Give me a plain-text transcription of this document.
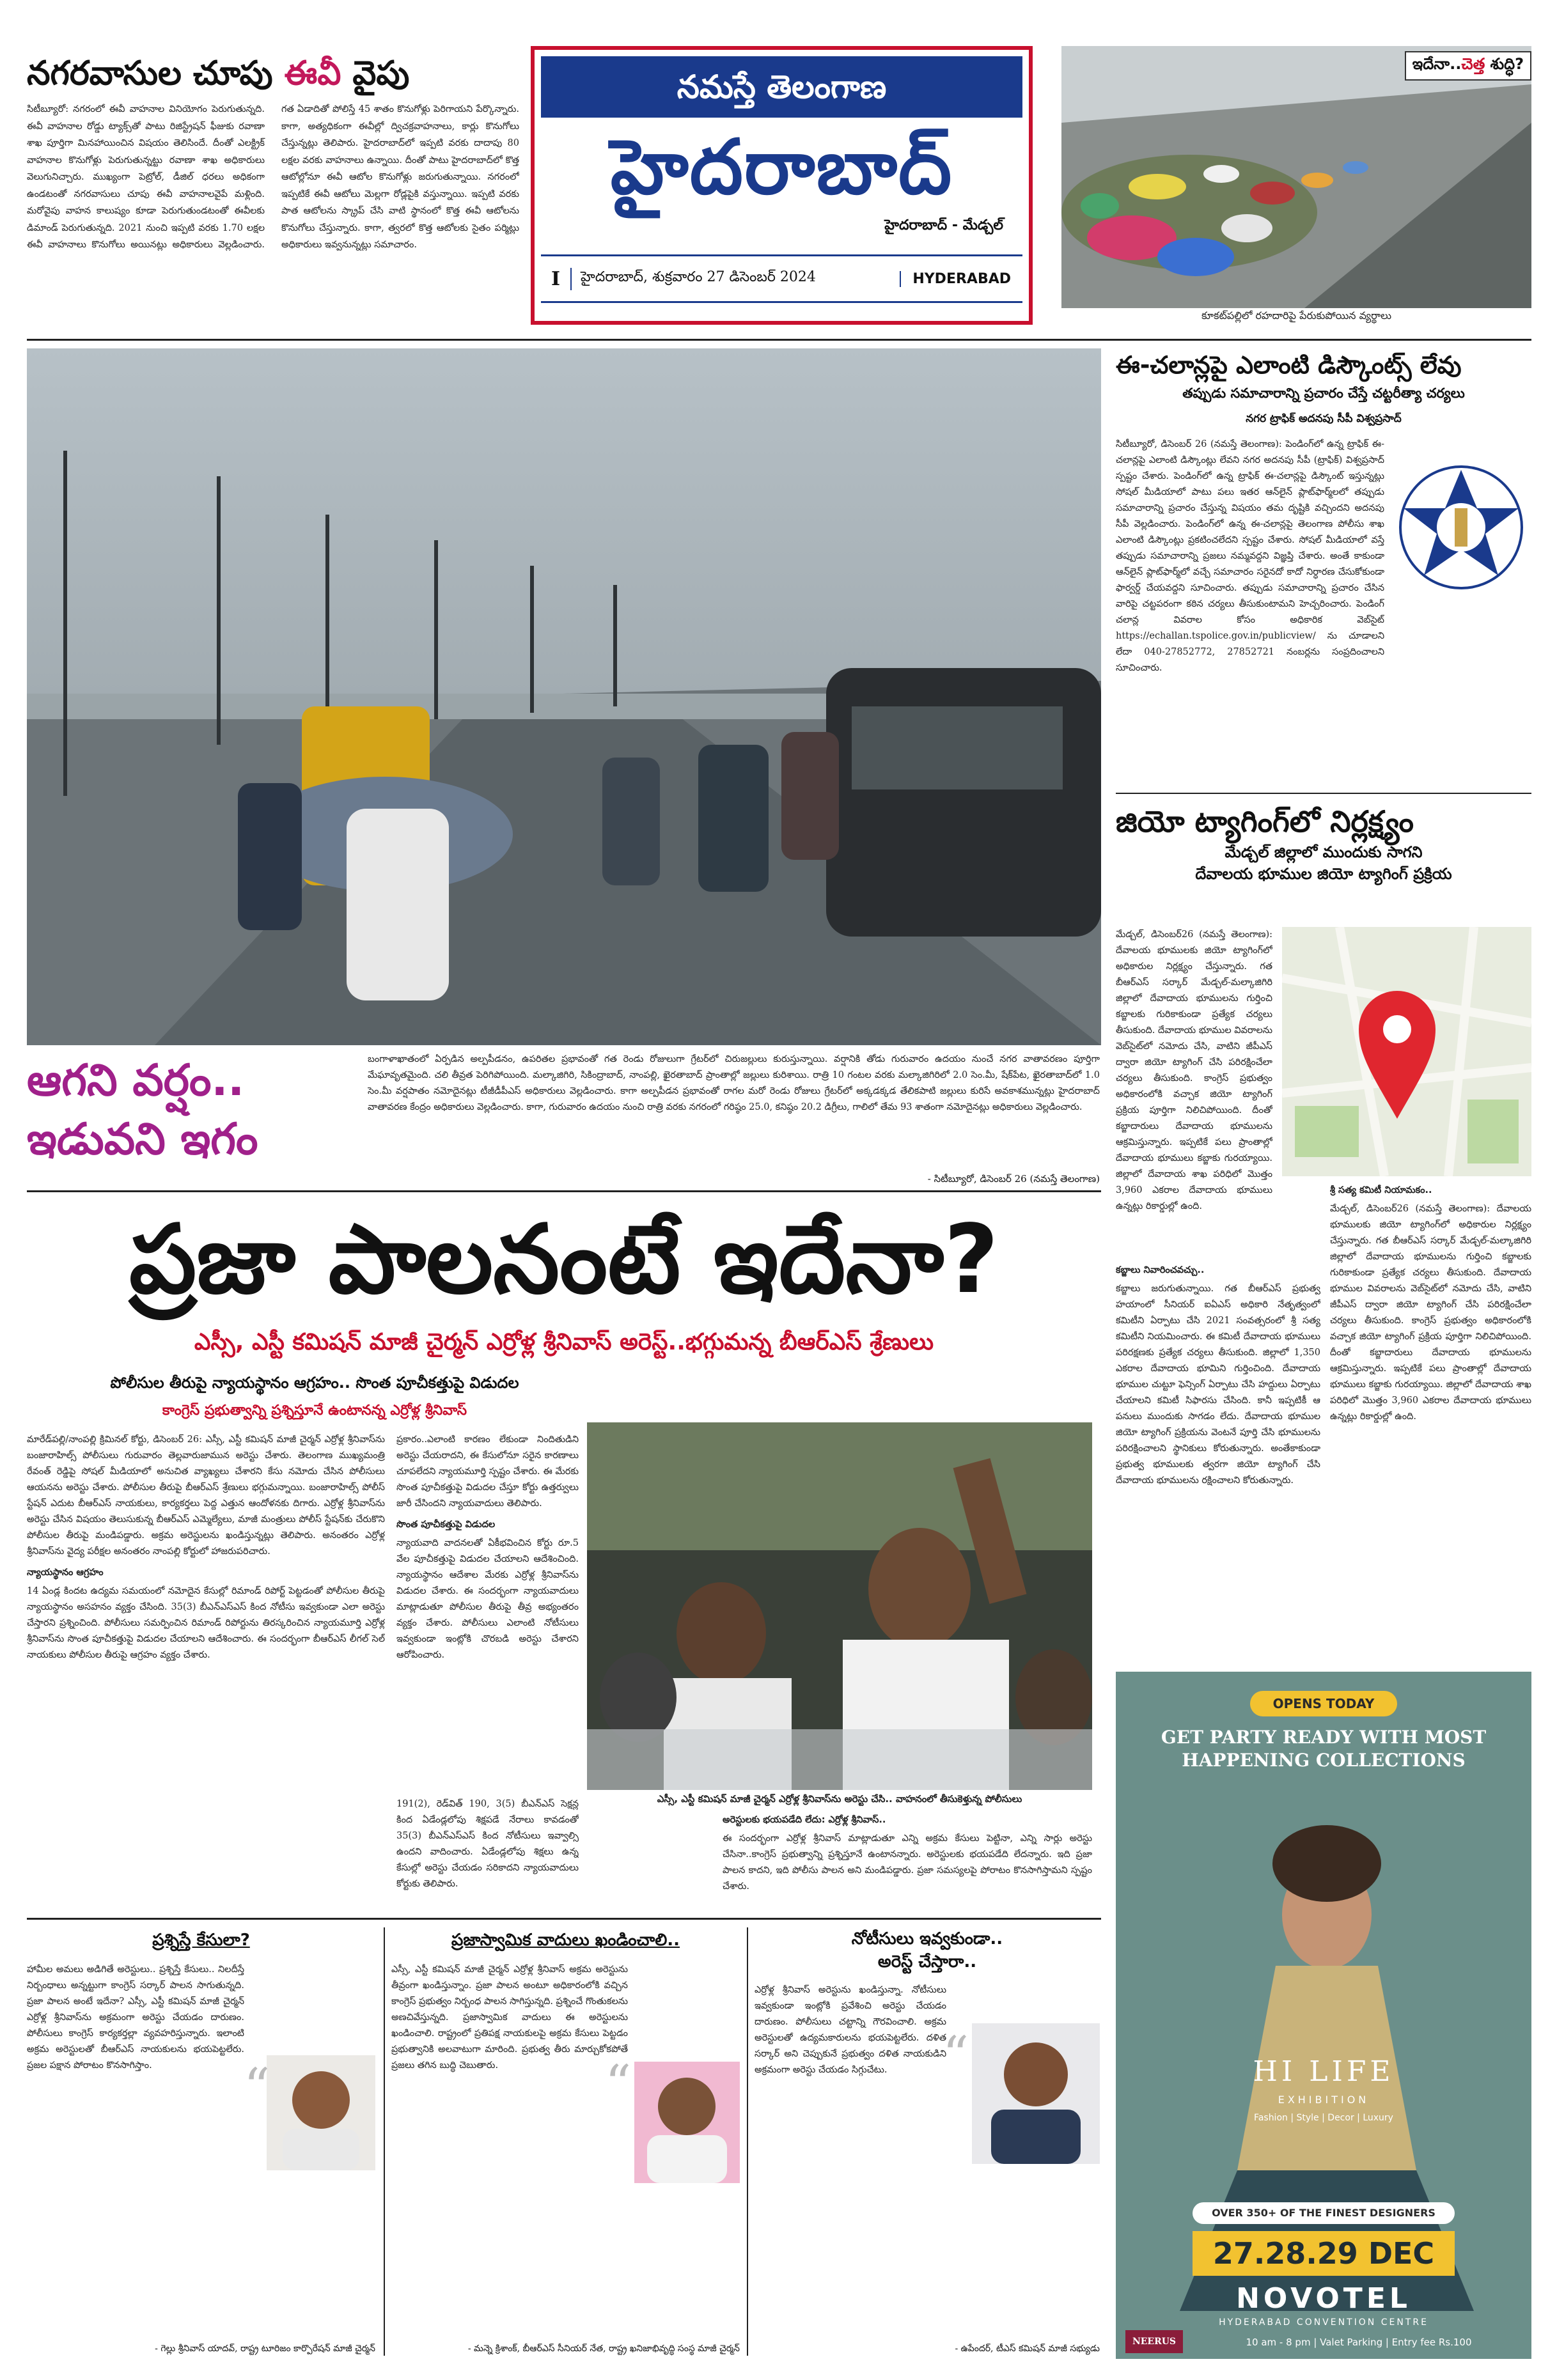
నగరవాసుల చూపు ఈవీ వైపు
సిటీబ్యూరో: నగరంలో ఈవీ వాహనాల వినియోగం పెరుగుతున్నది. ఈవీ వాహనాల రోడ్డు ట్యాక్స్‌తో పాటు రిజిస్ట్రేషన్ ఫీజుకు రవాణా శాఖ పూర్తిగా మినహాయించిన విషయం తెలిసిందే. దీంతో ఎలక్ట్రిక్ వాహనాల కొనుగోళ్లు పెరుగుతున్నట్టు రవాణా శాఖ అధికారులు వెలుగునిచ్చారు. ముఖ్యంగా పెట్రోల్, డీజిల్ ధరలు అధికంగా ఉండటంతో నగరవాసులు చూపు ఈవీ వాహనాలవైపే మళ్లింది. మరోవైపు వాహన కాలుష్యం కూడా పెరుగుతుండటంతో ఈవీలకు డిమాండ్ పెరుగుతున్నది. 2021 నుంచి ఇప్పటి వరకు 1.70 లక్షల ఈవీ వాహనాలు కొనుగోలు అయినట్లు అధికారులు వెల్లడించారు. గత ఏడాదితో పోలిస్తే 45 శాతం కొనుగోళ్లు పెరిగాయని పేర్కొన్నారు. కాగా, అత్యధికంగా ఈవీల్లో ద్విచక్రవాహనాలు, కార్లు కొనుగోలు చేస్తున్నట్లు తెలిపారు. హైదరాబాద్‌లో ఇప్పటి వరకు దాదాపు 80 లక్షల వరకు వాహనాలు ఉన్నాయి. దీంతో పాటు హైదరాబాద్‌లో కొత్త ఆటోల్లోనూ ఈవీ ఆటోల కొనుగోళ్లు జరుగుతున్నాయి. నగరంలో ఇప్పటికే ఈవీ ఆటోలు మెల్లగా రోడ్లపైకి వస్తున్నాయి. ఇప్పటి వరకు పాత ఆటోలను స్క్రాప్ చేసి వాటి స్థానంలో కొత్త ఈవీ ఆటోలను కొనుగోలు చేస్తున్నారు. కాగా, త్వరలో కొత్త ఆటోలకు సైతం పర్మిట్లు అధికారులు ఇవ్వనున్నట్లు సమాచారం.
నమస్తే తెలంగాణ
హైదరాబాద్
హైదరాబాద్ - మేడ్చల్
I	హైదరాబాద్, శుక్రవారం 27 డిసెంబర్ 2024	HYDERABAD
ఇదేనా..చెత్త శుద్ధి?
కూకట్‌పల్లిలో రహదారిపై పేరుకుపోయిన వ్యర్థాలు
ఈ-చలాన్లపై ఎలాంటి డిస్కౌంట్స్ లేవు
తప్పుడు సమాచారాన్ని ప్రచారం చేస్తే చట్టరీత్యా చర్యలు
నగర ట్రాఫిక్ అదనపు సీపీ విశ్వప్రసాద్
సిటీబ్యూరో, డిసెంబర్ 26 (నమస్తే తెలంగాణ): పెండింగ్‌లో ఉన్న ట్రాఫిక్ ఈ-చలాన్లపై ఎలాంటి డిస్కౌంట్లు లేవని నగర అదనపు సీపీ (ట్రాఫిక్) విశ్వప్రసాద్ స్పష్టం చేశారు. పెండింగ్‌లో ఉన్న ట్రాఫిక్ ఈ-చలాన్లపై డిస్కౌంట్ ఇస్తున్నట్లు సోషల్ మీడియాలో పాటు పలు ఇతర ఆన్‌లైన్ ప్లాట్‌ఫార్మ్‌లలో తప్పుడు సమాచారాన్ని ప్రచారం చేస్తున్న విషయం తమ దృష్టికి వచ్చిందని అదనపు సీపీ వెల్లడించారు. పెండింగ్‌లో ఉన్న ఈ-చలాన్లపై తెలంగాణ పోలీసు శాఖ ఎలాంటి డిస్కౌంట్లు ప్రకటించలేదని స్పష్టం చేశారు. సోషల్ మీడియాలో వస్తే తప్పుడు సమాచారాన్ని ప్రజలు నమ్మవద్దని విజ్ఞప్తి చేశారు. అంతే కాకుండా ఆన్‌లైన్ ప్లాట్‌ఫార్మ్‌లో వచ్చే సమాచారం సరైనదో కాదో నిర్ధారణ చేసుకోకుండా ఫార్వర్డ్ చేయవద్దని సూచించారు. తప్పుడు సమాచారాన్ని ప్రచారం చేసిన వారిపై చట్టపరంగా కఠిన చర్యలు తీసుకుంటామని హెచ్చరించారు. పెండింగ్ చలాన్ల వివరాల కోసం అధికారిక వెబ్‌సైట్ https://echallan.tspolice.gov.in/publicview/ ను చూడాలని లేదా 040-27852772, 27852721 నంబర్లను సంప్రదించాలని సూచించారు.
జియో ట్యాగింగ్‌లో నిర్లక్ష్యం
మేడ్చల్ జిల్లాలో ముందుకు సాగని
దేవాలయ భూముల జియో ట్యాగింగ్ ప్రక్రియ
మేడ్చల్, డిసెంబర్26 (నమస్తే తెలంగాణ): దేవాలయ భూములకు జియో ట్యాగింగ్‌లో అధికారుల నిర్లక్ష్యం చేస్తున్నారు. గత బీఆర్ఎస్ సర్కార్ మేడ్చల్-మల్కాజిగిరి జిల్లాలో దేవాదాయ భూములను గుర్తించి కబ్జాలకు గురికాకుండా ప్రత్యేక చర్యలు తీసుకుంది. దేవాదాయ భూముల వివరాలను వెబ్‌సైట్‌లో నమోదు చేసి, వాటిని జీపీఎస్ ద్వారా జియో ట్యాగింగ్ చేసి పరిరక్షించేలా చర్యలు తీసుకుంది. కాంగ్రెస్ ప్రభుత్వం అధికారంలోకి వచ్చాక జియో ట్యాగింగ్ ప్రక్రియ పూర్తిగా నిలిచిపోయింది. దీంతో కబ్జాదారులు దేవాదాయ భూములను ఆక్రమిస్తున్నారు. ఇప్పటికే పలు ప్రాంతాల్లో దేవాదాయ భూములు కబ్జాకు గురయ్యాయి. జిల్లాలో దేవాదాయ శాఖ పరిధిలో మొత్తం 3,960 ఎకరాల దేవాదాయ భూములు ఉన్నట్లు రికార్డుల్లో ఉంది.
కబ్జాలు నివారించవచ్చు..
కబ్జాలు జరుగుతున్నాయి. గత బీఆర్ఎస్ ప్రభుత్వ హయాంలో సీనియర్ ఐఏఎస్ అధికారి నేతృత్వంలో కమిటీని ఏర్పాటు చేసి 2021 సంవత్సరంలో శ్రీ సత్య కమిటీని నియమించారు. ఈ కమిటీ దేవాదాయ భూములు పరిరక్షణకు ప్రత్యేక చర్యలు తీసుకుంది. జిల్లాలో 1,350 ఎకరాల దేవాదాయ భూమిని గుర్తించింది. దేవాదాయ భూముల చుట్టూ ఫెన్సింగ్ ఏర్పాటు చేసి హద్దులు ఏర్పాటు చేయాలని కమిటీ సిఫారసు చేసింది. కానీ ఇప్పటికీ ఆ పనులు ముందుకు సాగడం లేదు. దేవాదాయ భూముల జియో ట్యాగింగ్ ప్రక్రియను వెంటనే పూర్తి చేసి భూములను పరిరక్షించాలని స్థానికులు కోరుతున్నారు. అంతేకాకుండా ప్రభుత్వ భూములకు త్వరగా జియో ట్యాగింగ్ చేసి దేవాదాయ భూములను రక్షించాలని కోరుతున్నారు.
శ్రీ సత్య కమిటీ నియామకం..
మేడ్చల్, డిసెంబర్26 (నమస్తే తెలంగాణ): దేవాలయ భూములకు జియో ట్యాగింగ్‌లో అధికారుల నిర్లక్ష్యం చేస్తున్నారు. గత బీఆర్ఎస్ సర్కార్ మేడ్చల్-మల్కాజిగిరి జిల్లాలో దేవాదాయ భూములను గుర్తించి కబ్జాలకు గురికాకుండా ప్రత్యేక చర్యలు తీసుకుంది. దేవాదాయ భూముల వివరాలను వెబ్‌సైట్‌లో నమోదు చేసి, వాటిని జీపీఎస్ ద్వారా జియో ట్యాగింగ్ చేసి పరిరక్షించేలా చర్యలు తీసుకుంది. కాంగ్రెస్ ప్రభుత్వం అధికారంలోకి వచ్చాక జియో ట్యాగింగ్ ప్రక్రియ పూర్తిగా నిలిచిపోయింది. దీంతో కబ్జాదారులు దేవాదాయ భూములను ఆక్రమిస్తున్నారు. ఇప్పటికే పలు ప్రాంతాల్లో దేవాదాయ భూములు కబ్జాకు గురయ్యాయి. జిల్లాలో దేవాదాయ శాఖ పరిధిలో మొత్తం 3,960 ఎకరాల దేవాదాయ భూములు ఉన్నట్లు రికార్డుల్లో ఉంది.
ఆగని వర్షం..
ఇడువని ఇగం
బంగాళాఖాతంలో ఏర్పడిన అల్పపీడనం, ఉపరితల ప్రభావంతో గత రెండు రోజులుగా గ్రేటర్‌లో చిరుజల్లులు కురుస్తున్నాయి. వర్షానికి తోడు గురువారం ఉదయం నుంచే నగర వాతావరణం పూర్తిగా మేఘావృతమైంది. చలి తీవ్రత పెరిగిపోయింది. మల్కాజిగిరి, సికింద్రాబాద్, నాంపల్లి, ఖైరతాబాద్ ప్రాంతాల్లో జల్లులు కురిశాయి. రాత్రి 10 గంటల వరకు మల్కాజిగిరిలో 2.0 సెం.మీ, షేక్‌పేట, ఖైరతాబాద్‌లో 1.0 సెం.మీ వర్షపాతం నమోదైనట్లు టీజీడీపీఎస్ అధికారులు వెల్లడించారు. కాగా అల్పపీడన ప్రభావంతో రాగల మరో రెండు రోజులు గ్రేటర్‌లో అక్కడక్కడ తేలికపాటి జల్లులు కురిసే అవకాశమున్నట్లు హైదరాబాద్ వాతావరణ కేంద్రం అధికారులు వెల్లడించారు. కాగా, గురువారం ఉదయం నుంచి రాత్రి వరకు నగరంలో గరిష్ఠం 25.0, కనిష్ఠం 20.2 డిగ్రీలు, గాలిలో తేమ 93 శాతంగా నమోదైనట్లు అధికారులు వెల్లడించారు.
- సిటీబ్యూరో, డిసెంబర్ 26 (నమస్తే తెలంగాణ)
ప్రజా పాలనంటే ఇదేనా?
ఎస్సీ, ఎస్టీ కమిషన్ మాజీ చైర్మన్ ఎర్రోళ్ల శ్రీనివాస్ అరెస్ట్..భగ్గుమన్న బీఆర్ఎస్ శ్రేణులు
పోలీసుల తీరుపై న్యాయస్థానం ఆగ్రహం.. సొంత పూచీకత్తుపై విడుదల
కాంగ్రెస్ ప్రభుత్వాన్ని ప్రశ్నిస్తూనే ఉంటానన్న ఎర్రోళ్ల శ్రీనివాస్
మారేడ్‌పల్లి/నాంపల్లి క్రిమినల్ కోర్టు, డిసెంబర్ 26: ఎస్సీ, ఎస్టీ కమిషన్ మాజీ చైర్మన్ ఎర్రోళ్ల శ్రీనివాస్‌ను బంజారాహిల్స్ పోలీసులు గురువారం తెల్లవారుజామున అరెస్టు చేశారు. తెలంగాణ ముఖ్యమంత్రి రేవంత్ రెడ్డిపై సోషల్ మీడియాలో అనుచిత వ్యాఖ్యలు చేశారని కేసు నమోదు చేసిన పోలీసులు ఆయనను అరెస్టు చేశారు. పోలీసుల తీరుపై బీఆర్ఎస్ శ్రేణులు భగ్గుమన్నాయి. బంజారాహిల్స్ పోలీస్ స్టేషన్ ఎదుట బీఆర్ఎస్ నాయకులు, కార్యకర్తలు పెద్ద ఎత్తున ఆందోళనకు దిగారు. ఎర్రోళ్ల శ్రీనివాస్‌ను అరెస్టు చేసిన విషయం తెలుసుకున్న బీఆర్ఎస్ ఎమ్మెల్యేలు, మాజీ మంత్రులు పోలీస్ స్టేషన్‌కు చేరుకొని పోలీసుల తీరుపై మండిపడ్డారు. అక్రమ అరెస్టులను ఖండిస్తున్నట్లు తెలిపారు. అనంతరం ఎర్రోళ్ల శ్రీనివాస్‌ను వైద్య పరీక్షల అనంతరం నాంపల్లి కోర్టులో హాజరుపరిచారు.
న్యాయస్థానం ఆగ్రహం
14 ఏండ్ల కిందట ఉద్యమ సమయంలో నమోదైన కేసుల్లో రిమాండ్ రిపోర్ట్ పెట్టడంతో పోలీసుల తీరుపై న్యాయస్థానం అసహనం వ్యక్తం చేసింది. 35(3) బీఎన్ఎస్ఎస్ కింద నోటీసు ఇవ్వకుండా ఎలా అరెస్టు చేస్తారని ప్రశ్నించింది. పోలీసులు సమర్పించిన రిమాండ్ రిపోర్టును తిరస్కరించిన న్యాయమూర్తి ఎర్రోళ్ల శ్రీనివాస్‌ను సొంత పూచీకత్తుపై విడుదల చేయాలని ఆదేశించారు. ఈ సందర్భంగా బీఆర్ఎస్ లీగల్ సెల్ నాయకులు పోలీసుల తీరుపై ఆగ్రహం వ్యక్తం చేశారు.
ప్రకారం..ఎలాంటి కారణం లేకుండా నిందితుడిని అరెస్టు చేయరాదని, ఈ కేసులోనూ సరైన కారణాలు చూపలేదని న్యాయమూర్తి స్పష్టం చేశారు. ఈ మేరకు సొంత పూచీకత్తుపై విడుదల చేస్తూ కోర్టు ఉత్తర్వులు జారీ చేసిందని న్యాయవాదులు తెలిపారు.
సొంత పూచీకత్తుపై విడుదల
న్యాయవాది వాదనలతో ఏకీభవించిన కోర్టు రూ.5 వేల పూచీకత్తుపై విడుదల చేయాలని ఆదేశించింది. న్యాయస్థానం ఆదేశాల మేరకు ఎర్రోళ్ల శ్రీనివాస్‌ను విడుదల చేశారు. ఈ సందర్భంగా న్యాయవాదులు మాట్లాడుతూ పోలీసుల తీరుపై తీవ్ర అభ్యంతరం వ్యక్తం చేశారు. పోలీసులు ఎలాంటి నోటీసులు ఇవ్వకుండా ఇంట్లోకి చొరబడి అరెస్టు చేశారని ఆరోపించారు.
ఎస్సీ, ఎస్టీ కమిషన్ మాజీ చైర్మన్ ఎర్రోళ్ల శ్రీనివాస్‌ను అరెస్టు చేసి.. వాహనంలో తీసుకెళ్తున్న పోలీసులు
191(2), రెడ్‌విత్ 190, 3(5) బీఎన్ఎస్ సెక్షన్ల కింద ఏడేండ్లలోపు శిక్షపడే నేరాలు కావడంతో 35(3) బీఎన్ఎస్ఎస్ కింద నోటీసులు ఇవ్వాల్సి ఉందని వాదించారు. ఏడేండ్లలోపు శిక్షలు ఉన్న కేసుల్లో అరెస్టు చేయడం సరికాదని న్యాయవాదులు కోర్టుకు తెలిపారు.
అరెస్టులకు భయపడేది లేదు: ఎర్రోళ్ల శ్రీనివాస్..
ఈ సందర్భంగా ఎర్రోళ్ల శ్రీనివాస్ మాట్లాడుతూ ఎన్ని అక్రమ కేసులు పెట్టినా, ఎన్ని సార్లు అరెస్టు చేసినా..కాంగ్రెస్ ప్రభుత్వాన్ని ప్రశ్నిస్తూనే ఉంటానన్నారు. అరెస్టులకు భయపడేది లేదన్నారు. ఇది ప్రజా పాలన కాదని, ఇది పోలీసు పాలన అని మండిపడ్డారు. ప్రజా సమస్యలపై పోరాటం కొనసాగిస్తామని స్పష్టం చేశారు.
ప్రశ్నిస్తే కేసులా?
హామీల అమలు అడిగితే అరెస్టులు.. ప్రశ్నిస్తే కేసులు.. నిలదీస్తే నిర్బంధాలు అన్నట్టుగా కాంగ్రెస్ సర్కార్ పాలన సాగుతున్నది. ప్రజా పాలన అంటే ఇదేనా? ఎస్సీ, ఎస్టీ కమిషన్ మాజీ చైర్మన్ ఎర్రోళ్ల శ్రీనివాస్‌ను అక్రమంగా అరెస్టు చేయడం దారుణం. పోలీసులు కాంగ్రెస్ కార్యకర్తల్లా వ్యవహరిస్తున్నారు. ఇలాంటి అక్రమ అరెస్టులతో బీఆర్ఎస్ నాయకులను భయపెట్టలేరు. ప్రజల పక్షాన పోరాటం కొనసాగిస్తాం.	“
- గెల్లు శ్రీనివాస్ యాదవ్, రాష్ట్ర టూరిజం కార్పొరేషన్ మాజీ చైర్మన్
ప్రజాస్వామిక వాదులు ఖండించాలి..
ఎస్సీ, ఎస్టీ కమిషన్ మాజీ చైర్మన్ ఎర్రోళ్ల శ్రీనివాస్ అక్రమ అరెస్టును తీవ్రంగా ఖండిస్తున్నాం. ప్రజా పాలన అంటూ అధికారంలోకి వచ్చిన కాంగ్రెస్ ప్రభుత్వం నిర్బంధ పాలన సాగిస్తున్నది. ప్రశ్నించే గొంతుకలను అణచివేస్తున్నది. ప్రజాస్వామిక వాదులు ఈ అరెస్టులను ఖండించాలి. రాష్ట్రంలో ప్రతిపక్ష నాయకులపై అక్రమ కేసులు పెట్టడం ప్రభుత్వానికి అలవాటుగా మారింది. ప్రభుత్వ తీరు మార్చుకోకపోతే ప్రజలు తగిన బుద్ధి చెబుతారు.	“
- మన్నె క్రిశాంక్, బీఆర్ఎస్ సీనియర్ నేత, రాష్ట్ర ఖనిజాభివృద్ధి సంస్థ మాజీ చైర్మన్
నోటీసులు ఇవ్వకుండా..
అరెస్ట్ చేస్తారా..
ఎర్రోళ్ల శ్రీనివాస్ అరెస్టును ఖండిస్తున్నా. నోటీసులు ఇవ్వకుండా ఇంట్లోకి ప్రవేశించి అరెస్టు చేయడం దారుణం. పోలీసులు చట్టాన్ని గౌరవించాలి. అక్రమ అరెస్టులతో ఉద్యమకారులను భయపెట్టలేరు. దళిత సర్కార్ అని చెప్పుకునే ప్రభుత్వం దళిత నాయకుడిని అక్రమంగా అరెస్టు చేయడం సిగ్గుచేటు.	“
- ఉపేందర్, టీఎస్ కమిషన్ మాజీ సభ్యుడు
OPENS TODAY
GET PARTY READY WITH MOST HAPPENING COLLECTIONS
HI LIFE
EXHIBITION
Fashion | Style | Decor | Luxury
OVER 350+ OF THE FINEST DESIGNERS
27.28.29 DEC
NOVOTEL
HYDERABAD CONVENTION CENTRE
10 am - 8 pm | Valet Parking | Entry fee Rs.100
NEERUS
